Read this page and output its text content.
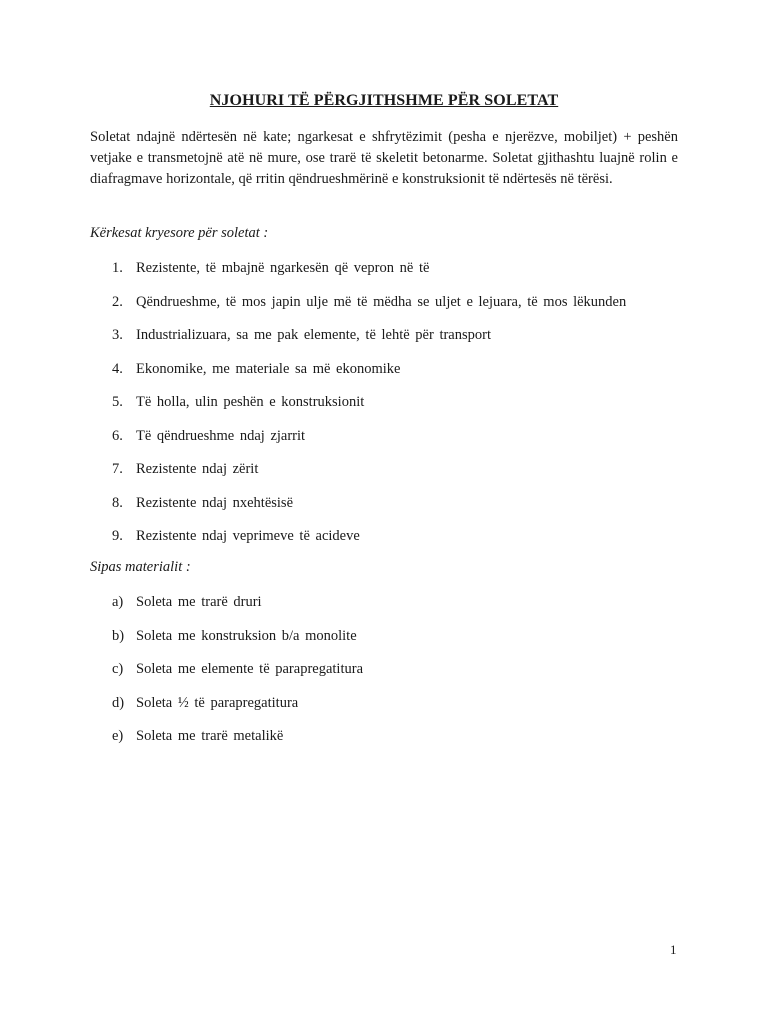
NJOHURI TË PËRGJITHSHME PËR SOLETAT

Soletat ndajnë ndërtesën në kate; ngarkesat e shfrytëzimit (pesha e njerëzve, mobiljet) + peshën vetjake e transmetojnë atë në mure, ose trarë të skeletit betonarme. Soletat gjithashtu luajnë rolin e diafragmave horizontale, që rritin qëndrueshmërinë e konstruksionit të ndërtesës në tërësi.

Kërkesat kryesore për soletat :
1. Rezistente, të mbajnë ngarkesën që vepron në të
2. Qëndrueshme, të mos japin ulje më të mëdha se uljet e lejuara, të mos lëkunden
3. Industrializuara, sa me pak elemente, të lehtë për transport
4. Ekonomike, me materiale sa më ekonomike
5. Të holla, ulin peshën e konstruksionit
6. Të qëndrueshme ndaj zjarrit
7. Rezistente ndaj zërit
8. Rezistente ndaj nxehtësisë
9. Rezistente ndaj veprimeve të acideve
Sipas materialit :
a) Soleta me trarë druri
b) Soleta me konstruksion b/a monolite
c) Soleta me elemente të parapregatitura
d) Soleta ½ të parapregatitura
e) Soleta me trarë metalikë
1
